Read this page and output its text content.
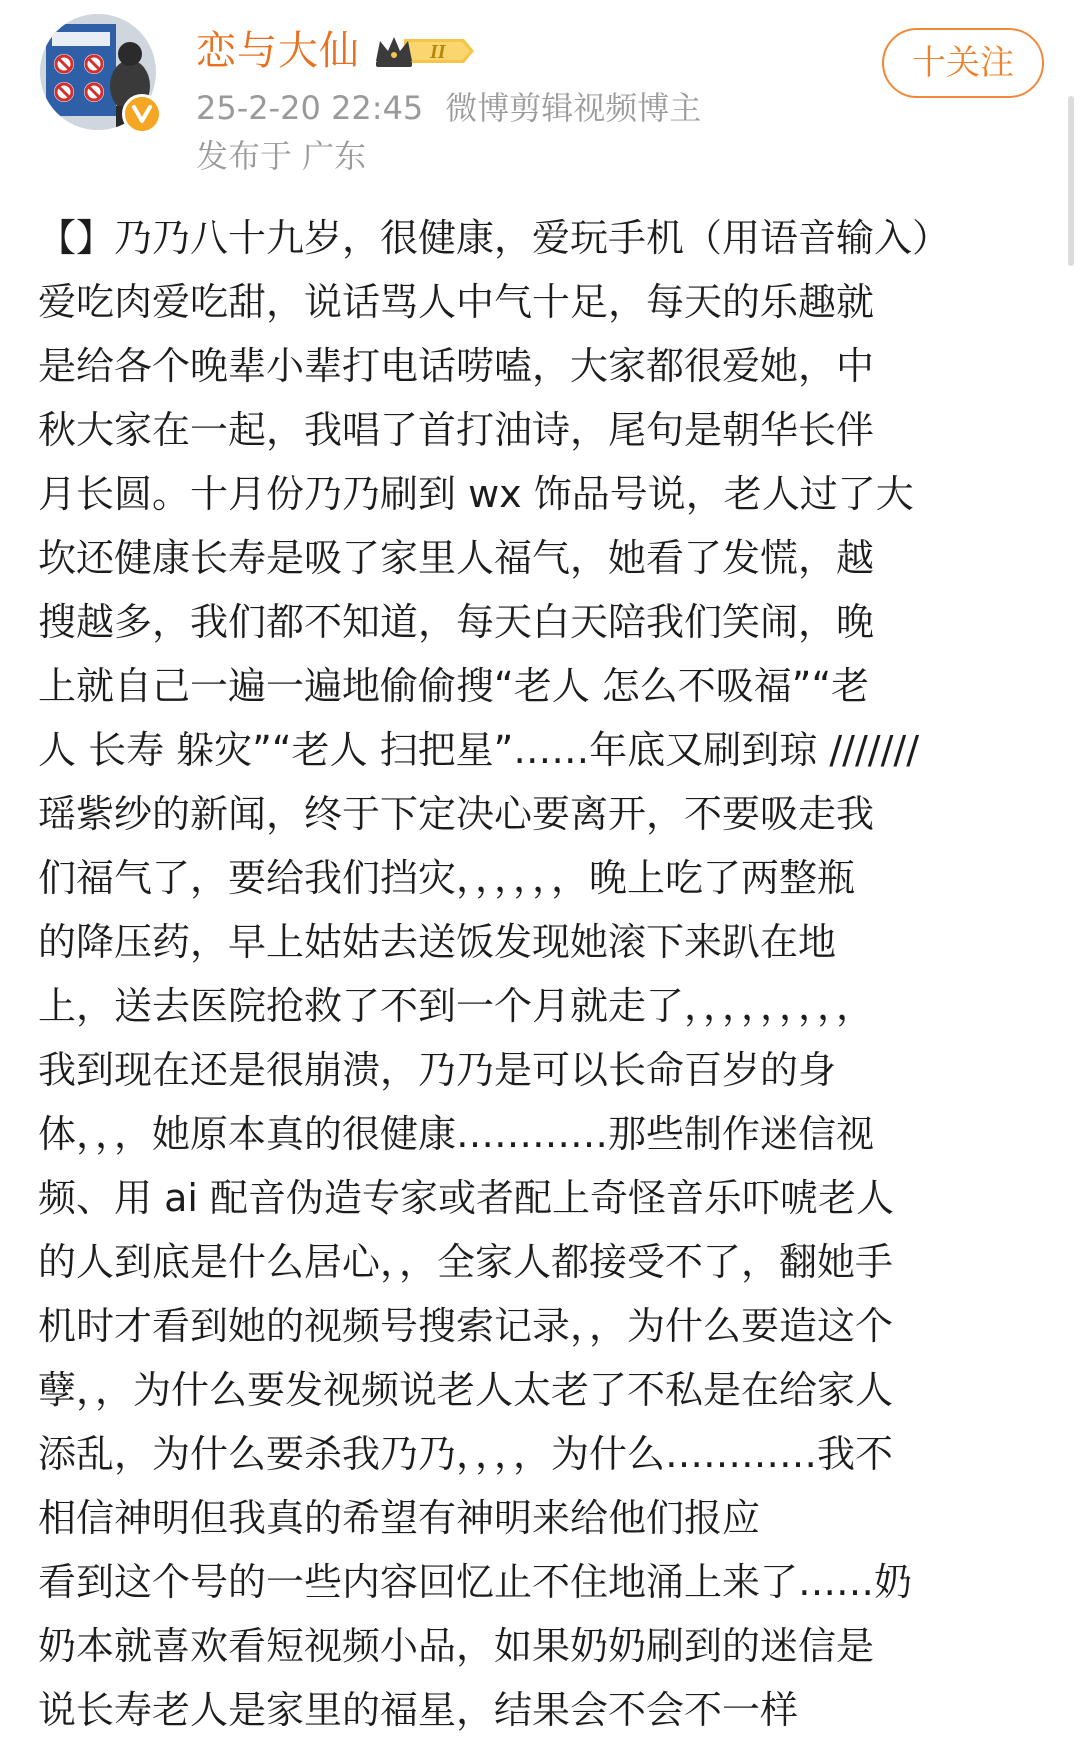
恋与大仙	II
25-2-20 22:45 微博剪辑视频博主
发布于 广东
十关注
【】乃乃八十九岁，很健康，爱玩手机（用语音输入）
爱吃肉爱吃甜，说话骂人中气十足，每天的乐趣就
是给各个晚辈小辈打电话唠嗑，大家都很爱她，中
秋大家在一起，我唱了首打油诗，尾句是朝华长伴
月长圆。十月份乃乃刷到 wx 饰品号说，老人过了大
坎还健康长寿是吸了家里人福气，她看了发慌，越
搜越多，我们都不知道，每天白天陪我们笑闹，晚
上就自己一遍一遍地偷偷搜“老人 怎么不吸福”“老
人 长寿 躲灾”“老人 扫把星”……年底又刷到琼 ///////
瑶紫纱的新闻，终于下定决心要离开，不要吸走我
们福气了，要给我们挡灾，，，，，，晚上吃了两整瓶
的降压药，早上姑姑去送饭发现她滚下来趴在地
上，送去医院抢救了不到一个月就走了，，，，，，，，，
我到现在还是很崩溃，乃乃是可以长命百岁的身
体，，，她原本真的很健康…………那些制作迷信视
频、用 ai 配音伪造专家或者配上奇怪音乐吓唬老人
的人到底是什么居心，，全家人都接受不了，翻她手
机时才看到她的视频号搜索记录，，为什么要造这个
孽，，为什么要发视频说老人太老了不私是在给家人
添乱，为什么要杀我乃乃，，，，为什么…………我不
相信神明但我真的希望有神明来给他们报应
看到这个号的一些内容回忆止不住地涌上来了……奶
奶本就喜欢看短视频小品，如果奶奶刷到的迷信是
说长寿老人是家里的福星，结果会不会不一样
